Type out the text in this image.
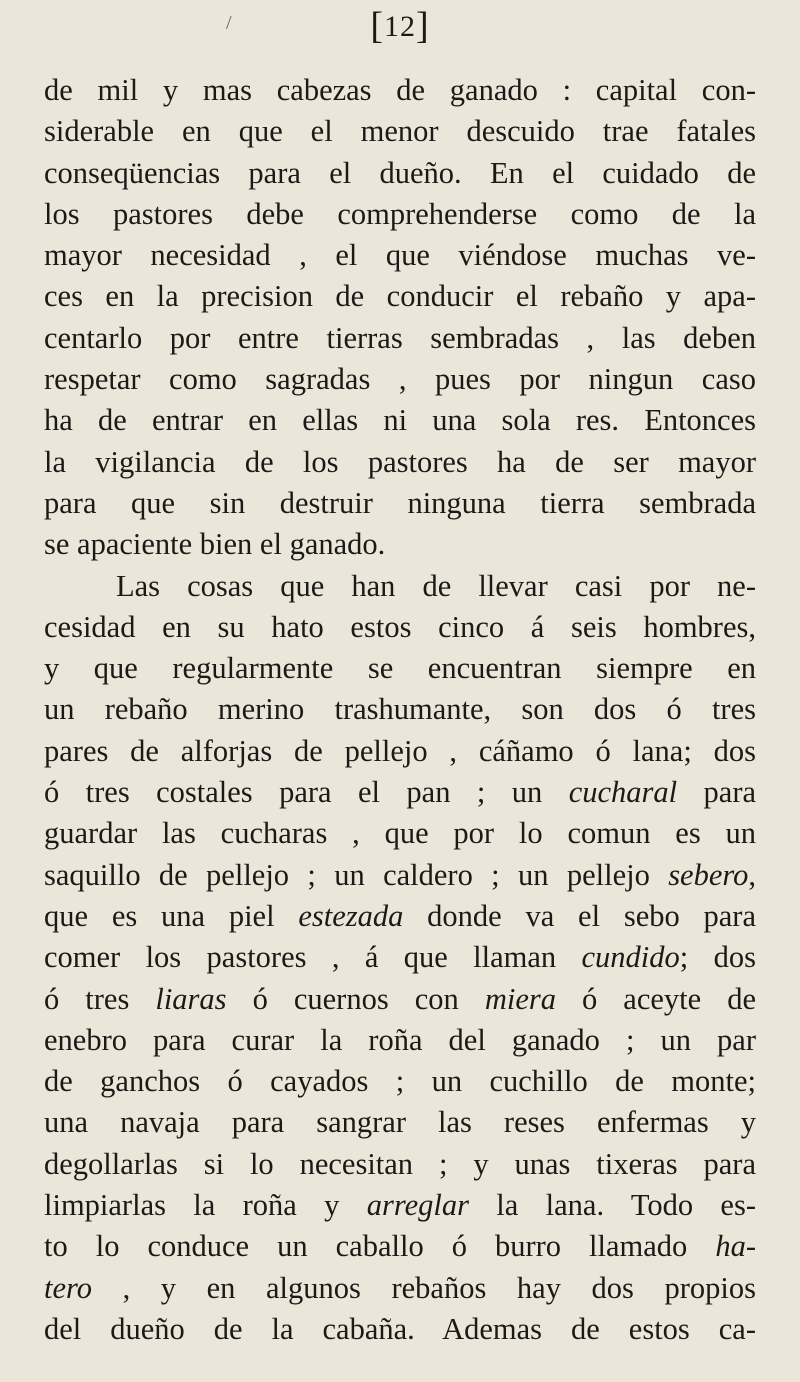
/	[12]
de mil y mas cabezas de ganado : capital con-
siderable en que el menor descuido trae fatales
conseqüencias para el dueño. En el cuidado de
los pastores debe comprehenderse como de la
mayor necesidad , el que viéndose muchas ve-
ces en la precision de conducir el rebaño y apa-
centarlo por entre tierras sembradas , las deben
respetar como sagradas , pues por ningun caso
ha de entrar en ellas ni una sola res. Entonces
la vigilancia de los pastores ha de ser mayor
para que sin destruir ninguna tierra sembrada
se apaciente bien el ganado.
Las cosas que han de llevar casi por ne-
cesidad en su hato estos cinco á seis hombres,
y que regularmente se encuentran siempre en
un rebaño merino trashumante, son dos ó tres
pares de alforjas de pellejo , cáñamo ó lana; dos
ó tres costales para el pan ; un cucharal para
guardar las cucharas , que por lo comun es un
saquillo de pellejo ; un caldero ; un pellejo sebero,
que es una piel estezada donde va el sebo para
comer los pastores , á que llaman cundido; dos
ó tres liaras ó cuernos con miera ó aceyte de
enebro para curar la roña del ganado ; un par
de ganchos ó cayados ; un cuchillo de monte;
una navaja para sangrar las reses enfermas y
degollarlas si lo necesitan ; y unas tixeras para
limpiarlas la roña y arreglar la lana. Todo es-
to lo conduce un caballo ó burro llamado ha-
tero , y en algunos rebaños hay dos propios
del dueño de la cabaña. Ademas de estos ca-
